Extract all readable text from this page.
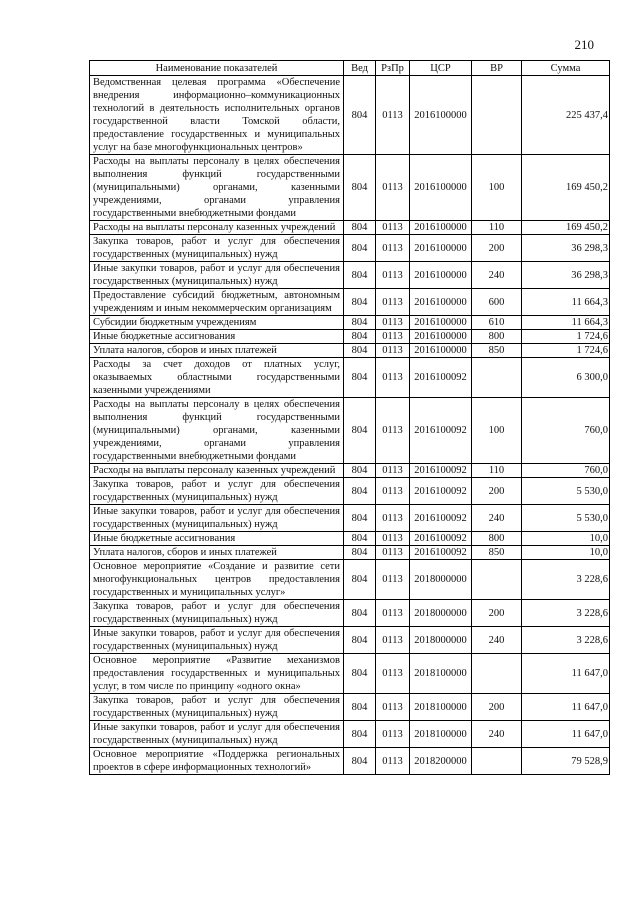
210
Наименование показателей	Вед	РзПр	ЦСР	ВР	Сумма
Ведомственная целевая программа «Обеспечение внедрения информационно–коммуникационных технологий в деятельность исполнительных органов государственной власти Томской области, предоставление государственных и муниципальных услуг на базе многофункциональных центров»	804	0113	2016100000		225 437,4
Расходы на выплаты персоналу в целях обеспечения выполнения функций государственными (муниципальными) органами, казенными учреждениями, органами управления государственными внебюджетными фондами	804	0113	2016100000	100	169 450,2
Расходы на выплаты персоналу казенных учреждений	804	0113	2016100000	110	169 450,2
Закупка товаров, работ и услуг для обеспечения государственных (муниципальных) нужд	804	0113	2016100000	200	36 298,3
Иные закупки товаров, работ и услуг для обеспечения государственных (муниципальных) нужд	804	0113	2016100000	240	36 298,3
Предоставление субсидий бюджетным, автономным учреждениям и иным некоммерческим организациям	804	0113	2016100000	600	11 664,3
Субсидии бюджетным учреждениям	804	0113	2016100000	610	11 664,3
Иные бюджетные ассигнования	804	0113	2016100000	800	1 724,6
Уплата налогов, сборов и иных платежей	804	0113	2016100000	850	1 724,6
Расходы за счет доходов от платных услуг, оказываемых областными государственными казенными учреждениями	804	0113	2016100092		6 300,0
Расходы на выплаты персоналу в целях обеспечения выполнения функций государственными (муниципальными) органами, казенными учреждениями, органами управления государственными внебюджетными фондами	804	0113	2016100092	100	760,0
Расходы на выплаты персоналу казенных учреждений	804	0113	2016100092	110	760,0
Закупка товаров, работ и услуг для обеспечения государственных (муниципальных) нужд	804	0113	2016100092	200	5 530,0
Иные закупки товаров, работ и услуг для обеспечения государственных (муниципальных) нужд	804	0113	2016100092	240	5 530,0
Иные бюджетные ассигнования	804	0113	2016100092	800	10,0
Уплата налогов, сборов и иных платежей	804	0113	2016100092	850	10,0
Основное мероприятие «Создание и развитие сети многофункциональных центров предоставления государственных и муниципальных услуг»	804	0113	2018000000		3 228,6
Закупка товаров, работ и услуг для обеспечения государственных (муниципальных) нужд	804	0113	2018000000	200	3 228,6
Иные закупки товаров, работ и услуг для обеспечения государственных (муниципальных) нужд	804	0113	2018000000	240	3 228,6
Основное мероприятие «Развитие механизмов предоставления государственных и муниципальных услуг, в том числе по принципу «одного окна»	804	0113	2018100000		11 647,0
Закупка товаров, работ и услуг для обеспечения государственных (муниципальных) нужд	804	0113	2018100000	200	11 647,0
Иные закупки товаров, работ и услуг для обеспечения государственных (муниципальных) нужд	804	0113	2018100000	240	11 647,0
Основное мероприятие «Поддержка региональных проектов в сфере информационных технологий»	804	0113	2018200000		79 528,9
